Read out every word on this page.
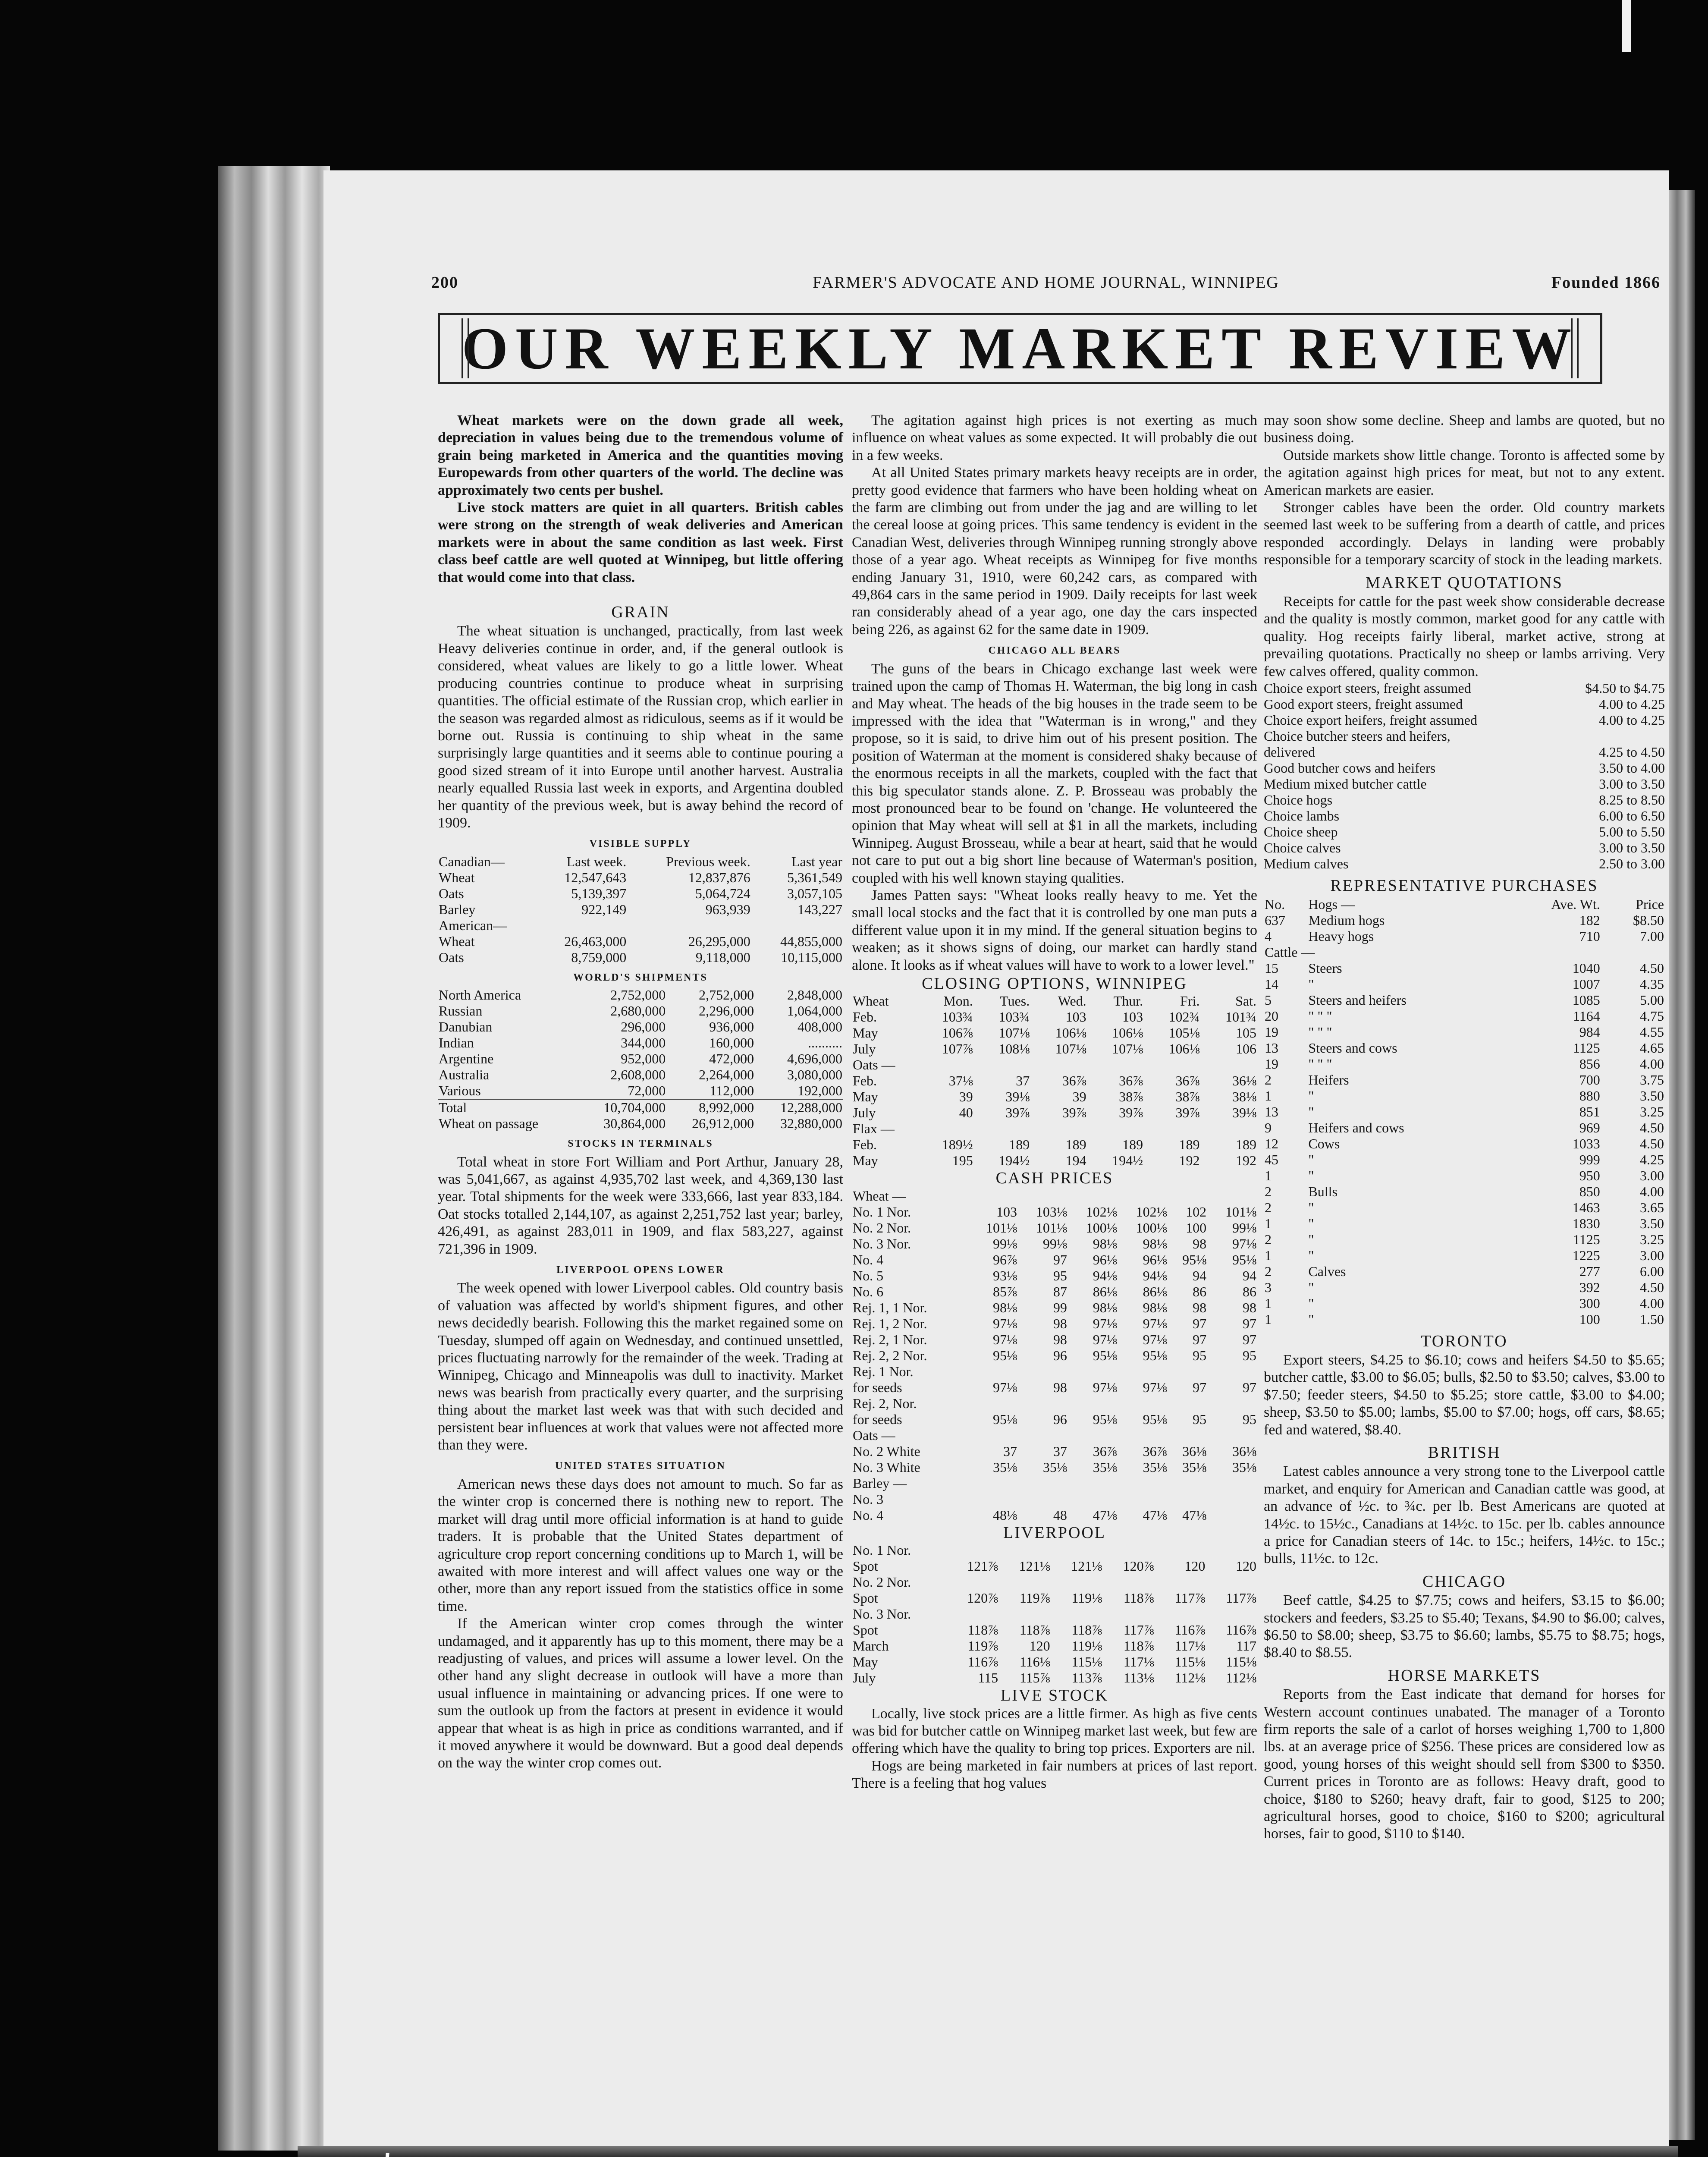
200	FARMER'S ADVOCATE AND HOME JOURNAL, WINNIPEG	Founded 1866
OUR WEEKLY MARKET REVIEW

Wheat markets were on the down grade all week, depreciation in values being due to the tremendous volume of grain being marketed in America and the quantities moving Europewards from other quarters of the world. The decline was approximately two cents per bushel.

Live stock matters are quiet in all quarters. British cables were strong on the strength of weak deliveries and American markets were in about the same condition as last week. First class beef cattle are well quoted at Winnipeg, but little offering that would come into that class.

GRAIN

The wheat situation is unchanged, practically, from last week Heavy deliveries continue in order, and, if the general outlook is considered, wheat values are likely to go a little lower. Wheat producing countries continue to produce wheat in surprising quantities. The official estimate of the Russian crop, which earlier in the season was regarded almost as ridiculous, seems as if it would be borne out. Russia is continuing to ship wheat in the same surprisingly large quantities and it seems able to continue pouring a good sized stream of it into Europe until another harvest. Australia nearly equalled Russia last week in exports, and Argentina doubled her quantity of the previous week, but is away behind the record of 1909.

VISIBLE SUPPLY
Canadian—	Last week.	Previous week.	Last year
Wheat	12,547,643	12,837,876	5,361,549
Oats	5,139,397	5,064,724	3,057,105
Barley	922,149	963,939	143,227
American—			
Wheat	26,463,000	26,295,000	44,855,000
Oats	8,759,000	9,118,000	10,115,000
WORLD'S SHIPMENTS
North America	2,752,000	2,752,000	2,848,000
Russian	2,680,000	2,296,000	1,064,000
Danubian	296,000	936,000	408,000
Indian	344,000	160,000	..........
Argentine	952,000	472,000	4,696,000
Australia	2,608,000	2,264,000	3,080,000
Various	72,000	112,000	192,000
Total	10,704,000	8,992,000	12,288,000
Wheat on passage	30,864,000	26,912,000	32,880,000
STOCKS IN TERMINALS

Total wheat in store Fort William and Port Arthur, January 28, was 5,041,667, as against 4,935,702 last week, and 4,369,130 last year. Total shipments for the week were 333,666, last year 833,184. Oat stocks totalled 2,144,107, as against 2,251,752 last year; barley, 426,491, as against 283,011 in 1909, and flax 583,227, against 721,396 in 1909.

LIVERPOOL OPENS LOWER

The week opened with lower Liverpool cables. Old country basis of valuation was affected by world's shipment figures, and other news decidedly bearish. Following this the market regained some on Tuesday, slumped off again on Wednesday, and continued unsettled, prices fluctuating narrowly for the remainder of the week. Trading at Winnipeg, Chicago and Minneapolis was dull to inactivity. Market news was bearish from practically every quarter, and the surprising thing about the market last week was that with such decided and persistent bear influences at work that values were not affected more than they were.

UNITED STATES SITUATION

American news these days does not amount to much. So far as the winter crop is concerned there is nothing new to report. The market will drag until more official information is at hand to guide traders. It is probable that the United States department of agriculture crop report concerning conditions up to March 1, will be awaited with more interest and will affect values one way or the other, more than any report issued from the statistics office in some time.

If the American winter crop comes through the winter undamaged, and it apparently has up to this moment, there may be a readjusting of values, and prices will assume a lower level. On the other hand any slight decrease in outlook will have a more than usual influence in maintaining or advancing prices. If one were to sum the outlook up from the factors at present in evidence it would appear that wheat is as high in price as conditions warranted, and if it moved anywhere it would be downward. But a good deal depends on the way the winter crop comes out.

The agitation against high prices is not exerting as much influence on wheat values as some expected. It will probably die out in a few weeks.

At all United States primary markets heavy receipts are in order, pretty good evidence that farmers who have been holding wheat on the farm are climbing out from under the jag and are willing to let the cereal loose at going prices. This same tendency is evident in the Canadian West, deliveries through Winnipeg running strongly above those of a year ago. Wheat receipts as Winnipeg for five months ending January 31, 1910, were 60,242 cars, as compared with 49,864 cars in the same period in 1909. Daily receipts for last week ran considerably ahead of a year ago, one day the cars inspected being 226, as against 62 for the same date in 1909.

CHICAGO ALL BEARS

The guns of the bears in Chicago exchange last week were trained upon the camp of Thomas H. Waterman, the big long in cash and May wheat. The heads of the big houses in the trade seem to be impressed with the idea that "Waterman is in wrong," and they propose, so it is said, to drive him out of his present position. The position of Waterman at the moment is considered shaky because of the enormous receipts in all the markets, coupled with the fact that this big speculator stands alone. Z. P. Brosseau was probably the most pronounced bear to be found on 'change. He volunteered the opinion that May wheat will sell at $1 in all the markets, including Winnipeg. August Brosseau, while a bear at heart, said that he would not care to put out a big short line because of Waterman's position, coupled with his well known staying qualities.

James Patten says: "Wheat looks really heavy to me. Yet the small local stocks and the fact that it is controlled by one man puts a different value upon it in my mind. If the general situation begins to weaken; as it shows signs of doing, our market can hardly stand alone. It looks as if wheat values will have to work to a lower level."

CLOSING OPTIONS, WINNIPEG
Wheat	Mon.	Tues.	Wed.	Thur.	Fri.	Sat.
Feb.	103¾	103¾	103	103	102¾	101¾
May	106⅞	107⅛	106⅛	106⅛	105⅛	105
July	107⅞	108⅛	107⅛	107⅛	106⅛	106
Oats —						
Feb.	37⅛	37	36⅞	36⅞	36⅞	36⅛
May	39	39⅛	39	38⅞	38⅞	38⅛
July	40	39⅞	39⅞	39⅞	39⅞	39⅛
Flax —						
Feb.	189½	189	189	189	189	189
May	195	194½	194	194½	192	192
CASH PRICES
Wheat —						
No. 1 Nor.	103	103⅛	102⅛	102⅛	102	101⅛
No. 2 Nor.	101⅛	101⅛	100⅛	100⅛	100	99⅛
No. 3 Nor.	99⅛	99⅛	98⅛	98⅛	98	97⅛
No. 4	96⅞	97	96⅛	96⅛	95⅛	95⅛
No. 5	93⅛	95	94⅛	94⅛	94	94
No. 6	85⅞	87	86⅛	86⅛	86	86
Rej. 1, 1 Nor.	98⅛	99	98⅛	98⅛	98	98
Rej. 1, 2 Nor.	97⅛	98	97⅛	97⅛	97	97
Rej. 2, 1 Nor.	97⅛	98	97⅛	97⅛	97	97
Rej. 2, 2 Nor.	95⅛	96	95⅛	95⅛	95	95
Rej. 1 Nor.						
for seeds	97⅛	98	97⅛	97⅛	97	97
Rej. 2, Nor.						
for seeds	95⅛	96	95⅛	95⅛	95	95
Oats —						
No. 2 White	37	37	36⅞	36⅞	36⅛	36⅛
No. 3 White	35⅛	35⅛	35⅛	35⅛	35⅛	35⅛
Barley —						
No. 3						
No. 4	48⅛	48	47⅛	47⅛	47⅛	
LIVERPOOL
No. 1 Nor.						
Spot	121⅞	121⅛	121⅛	120⅞	120	120
No. 2 Nor.						
Spot	120⅞	119⅞	119⅛	118⅞	117⅞	117⅞
No. 3 Nor.						
Spot	118⅞	118⅞	118⅞	117⅞	116⅞	116⅞
March	119⅞	120	119⅛	118⅞	117⅛	117
May	116⅞	116⅛	115⅛	117⅛	115⅛	115⅛
July	115	115⅞	113⅞	113⅛	112⅛	112⅛
LIVE STOCK

Locally, live stock prices are a little firmer. As high as five cents was bid for butcher cattle on Winnipeg market last week, but few are offering which have the quality to bring top prices. Exporters are nil.

Hogs are being marketed in fair numbers at prices of last report. There is a feeling that hog values

may soon show some decline. Sheep and lambs are quoted, but no business doing.

Outside markets show little change. Toronto is affected some by the agitation against high prices for meat, but not to any extent. American markets are easier.

Stronger cables have been the order. Old country markets seemed last week to be suffering from a dearth of cattle, and prices responded accordingly. Delays in landing were probably responsible for a temporary scarcity of stock in the leading markets.

MARKET QUOTATIONS

Receipts for cattle for the past week show considerable decrease and the quality is mostly common, market good for any cattle with quality. Hog receipts fairly liberal, market active, strong at prevailing quotations. Practically no sheep or lambs arriving. Very few calves offered, quality common.

Choice export steers, freight assumed	$4.50 to $4.75
Good export steers, freight assumed	4.00 to 4.25
Choice export heifers, freight assumed	4.00 to 4.25
Choice butcher steers and heifers,	
delivered	4.25 to 4.50
Good butcher cows and heifers	3.50 to 4.00
Medium mixed butcher cattle	3.00 to 3.50
Choice hogs	8.25 to 8.50
Choice lambs	6.00 to 6.50
Choice sheep	5.00 to 5.50
Choice calves	3.00 to 3.50
Medium calves	2.50 to 3.00
REPRESENTATIVE PURCHASES
No.	Hogs —	Ave. Wt.	Price
637	Medium hogs	182	$8.50
4	Heavy hogs	710	7.00
Cattle —			
15	Steers	1040	4.50
14	"	1007	4.35
5	Steers and heifers	1085	5.00
20	" " "	1164	4.75
19	" " "	984	4.55
13	Steers and cows	1125	4.65
19	" " "	856	4.00
2	Heifers	700	3.75
1	"	880	3.50
13	"	851	3.25
9	Heifers and cows	969	4.50
12	Cows	1033	4.50
45	"	999	4.25
1	"	950	3.00
2	Bulls	850	4.00
2	"	1463	3.65
1	"	1830	3.50
2	"	1125	3.25
1	"	1225	3.00
2	Calves	277	6.00
3	"	392	4.50
1	"	300	4.00
1	"	100	1.50
TORONTO

Export steers, $4.25 to $6.10; cows and heifers $4.50 to $5.65; butcher cattle, $3.00 to $6.05; bulls, $2.50 to $3.50; calves, $3.00 to $7.50; feeder steers, $4.50 to $5.25; store cattle, $3.00 to $4.00; sheep, $3.50 to $5.00; lambs, $5.00 to $7.00; hogs, off cars, $8.65; fed and watered, $8.40.

BRITISH

Latest cables announce a very strong tone to the Liverpool cattle market, and enquiry for American and Canadian cattle was good, at an advance of ½c. to ¾c. per lb. Best Americans are quoted at 14½c. to 15½c., Canadians at 14½c. to 15c. per lb. cables announce a price for Canadian steers of 14c. to 15c.; heifers, 14½c. to 15c.; bulls, 11½c. to 12c.

CHICAGO

Beef cattle, $4.25 to $7.75; cows and heifers, $3.15 to $6.00; stockers and feeders, $3.25 to $5.40; Texans, $4.90 to $6.00; calves, $6.50 to $8.00; sheep, $3.75 to $6.60; lambs, $5.75 to $8.75; hogs, $8.40 to $8.55.

HORSE MARKETS

Reports from the East indicate that demand for horses for Western account continues unabated. The manager of a Toronto firm reports the sale of a carlot of horses weighing 1,700 to 1,800 lbs. at an average price of $256. These prices are considered low as good, young horses of this weight should sell from $300 to $350. Current prices in Toronto are as follows: Heavy draft, good to choice, $180 to $260; heavy draft, fair to good, $125 to 200; agricultural horses, good to choice, $160 to $200; agricultural horses, fair to good, $110 to $140.
